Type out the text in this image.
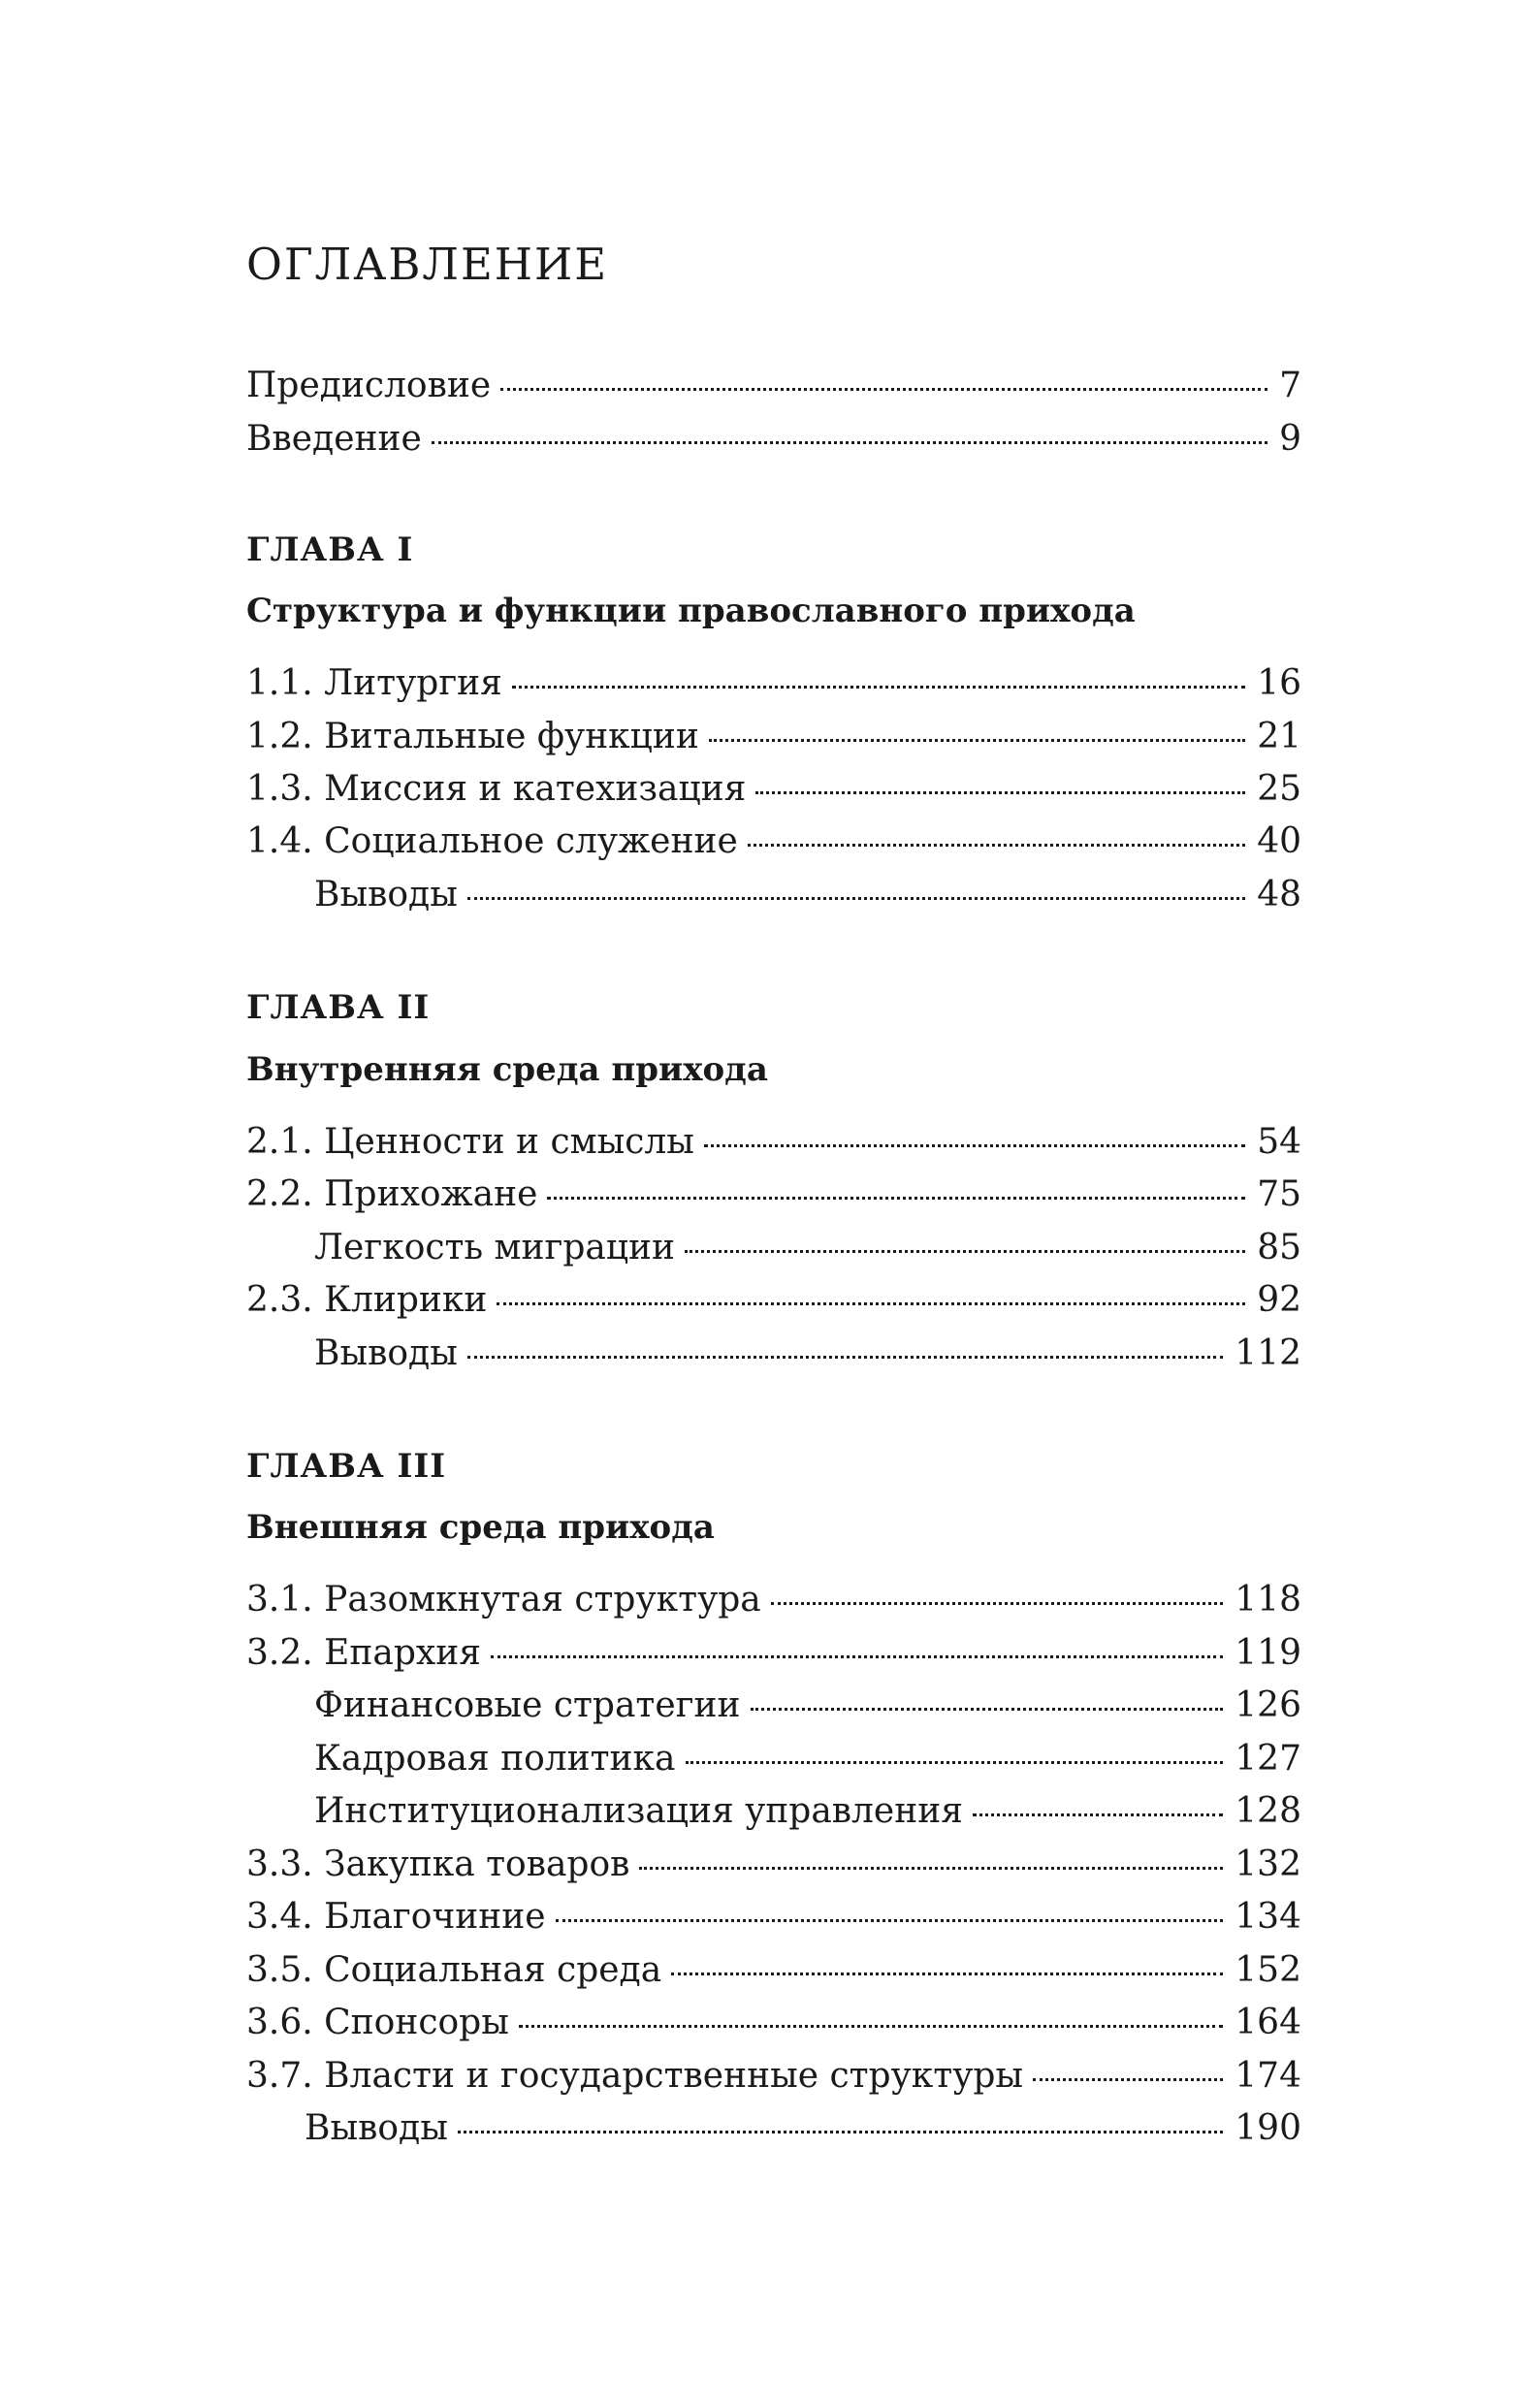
ОГЛАВЛЕНИЕ
Предисловие	7
Введение	9
ГЛАВА I
Структура и функции православного прихода
1.1. Литургия	16
1.2. Витальные функции	21
1.3. Миссия и катехизация	25
1.4. Социальное служение	40
Выводы	48
ГЛАВА II
Внутренняя среда прихода
2.1. Ценности и смыслы	54
2.2. Прихожане	75
Легкость миграции	85
2.3. Клирики	92
Выводы	112
ГЛАВА III
Внешняя среда прихода
3.1. Разомкнутая структура	118
3.2. Епархия	119
Финансовые стратегии	126
Кадровая политика	127
Институционализация управления	128
3.3. Закупка товаров	132
3.4. Благочиние	134
3.5. Социальная среда	152
3.6. Спонсоры	164
3.7. Власти и государственные структуры	174
Выводы	190
